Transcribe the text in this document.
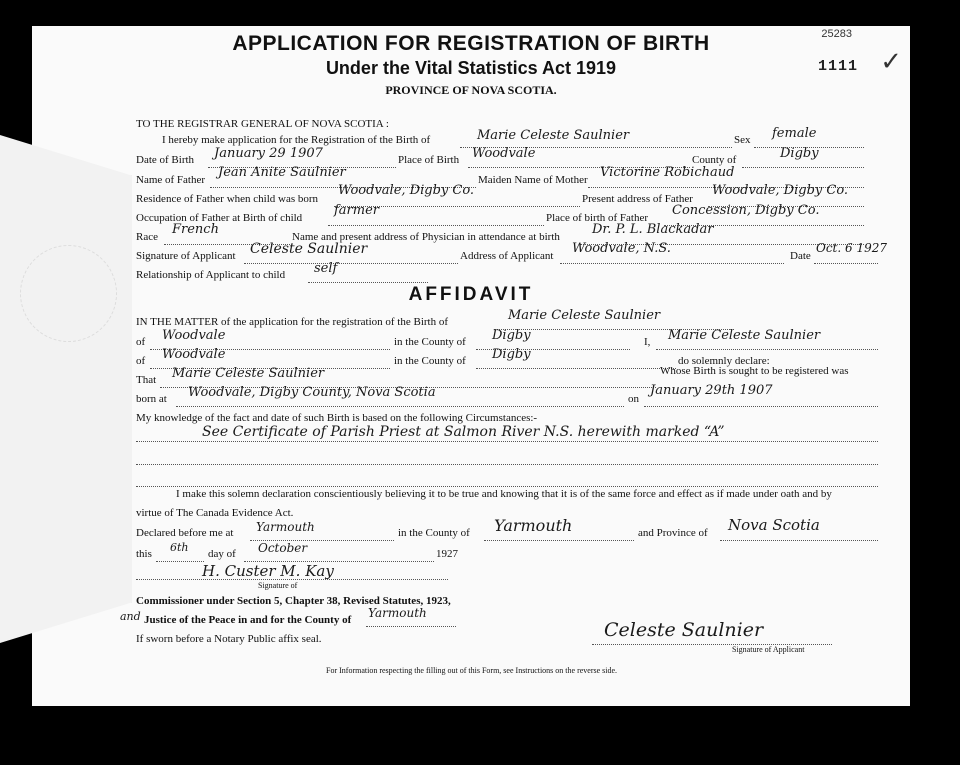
25283
✓
1111
APPLICATION FOR REGISTRATION OF BIRTH
Under the Vital Statistics Act 1919
PROVINCE OF NOVA SCOTIA.
TO THE REGISTRAR GENERAL OF NOVA SCOTIA :
I hereby make application for the Registration of the Birth of	Marie Celeste Saulnier	Sex female
Date of Birth January 29 1907	Place of Birth Woodvale	County of	Digby
Name of Father Jean Anite Saulnier	Maiden Name of Mother Victorine Robichaud
Residence of Father when child was born
Woodvale, Digby Co.
Present address of Father
Woodvale, Digby Co.
Occupation of Father at Birth of child farmer	Place of birth of Father Concession, Digby Co.
Race French	Name and present address of Physician in attendance at birth Dr. P. L. Blackadar
Signature of Applicant Celeste Saulnier	Address of Applicant Woodvale, N.S.	Date
Oct. 6 1927
Relationship of Applicant to child self
AFFIDAVIT
IN THE MATTER of the application for the registration of the Birth of	Marie Celeste Saulnier
of Woodvale	in the County of Digby	I, Marie Celeste Saulnier
of Woodvale	in the County of Digby	do solemnly declare:
That Marie Celeste Saulnier	Whose Birth is sought to be registered was
born at Woodvale, Digby County, Nova Scotia	on
January 29th 1907
My knowledge of the fact and date of such Birth is based on the following Circumstances:-
See Certificate of Parish Priest at Salmon River N.S. herewith marked “A”
I make this solemn declaration conscientiously believing it to be true and knowing that it is of the same force and effect as if made under oath and by
virtue of The Canada Evidence Act.
Declared before me at Yarmouth	in the County of Yarmouth	and Province of Nova Scotia
this 6th day of October	1927
H. Custer M. Kay
Signature of
Commissioner under Section 5, Chapter 38, Revised Statutes, 1923,
and Justice of the Peace in and for the County of Yarmouth
If sworn before a Notary Public affix seal.	Celeste Saulnier
Signature of Applicant
For Information respecting the filling out of this Form, see Instructions on the reverse side.
